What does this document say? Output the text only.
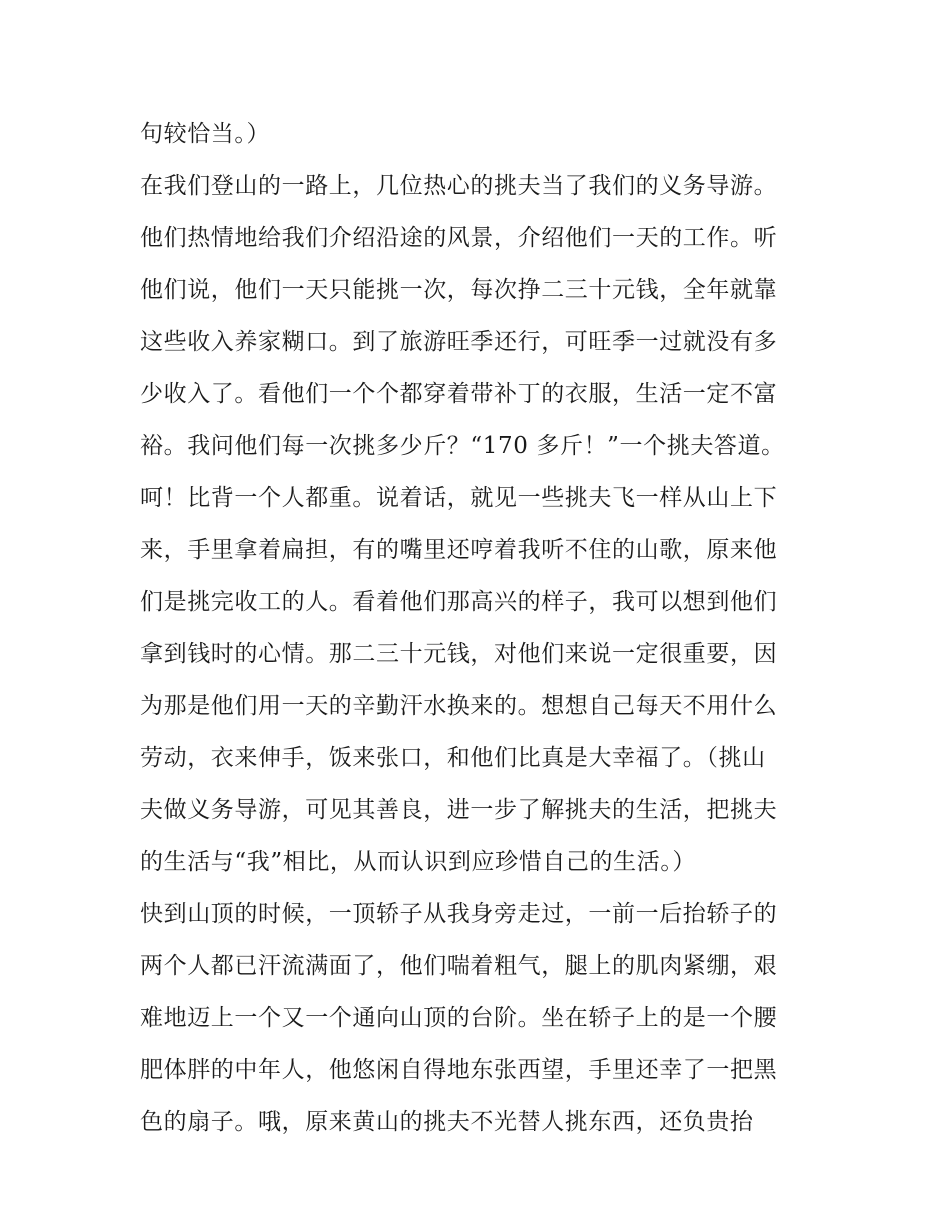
句较恰当。）
在我们登山的一路上，几位热心的挑夫当了我们的义务导游。
他们热情地给我们介绍沿途的风景，介绍他们一天的工作。听
他们说，他们一天只能挑一次，每次挣二三十元钱，全年就靠
这些收入养家糊口。到了旅游旺季还行，可旺季一过就没有多
少收入了。看他们一个个都穿着带补丁的衣服，生活一定不富
裕。我问他们每一次挑多少斤？“170 多斤！”一个挑夫答道。
呵！比背一个人都重。说着话，就见一些挑夫飞一样从山上下
来，手里拿着扁担，有的嘴里还哼着我听不住的山歌，原来他
们是挑完收工的人。看着他们那高兴的样子，我可以想到他们
拿到钱时的心情。那二三十元钱，对他们来说一定很重要，因
为那是他们用一天的辛勤汗水换来的。想想自己每天不用什么
劳动，衣来伸手，饭来张口，和他们比真是大幸福了。（挑山
夫做义务导游，可见其善良，进一步了解挑夫的生活，把挑夫
的生活与“我”相比，从而认识到应珍惜自己的生活。）
快到山顶的时候，一顶轿子从我身旁走过，一前一后抬轿子的
两个人都已汗流满面了，他们喘着粗气，腿上的肌肉紧绷，艰
难地迈上一个又一个通向山顶的台阶。坐在轿子上的是一个腰
肥体胖的中年人，他悠闲自得地东张西望，手里还幸了一把黑
色的扇子。哦，原来黄山的挑夫不光替人挑东西，还负贵抬
